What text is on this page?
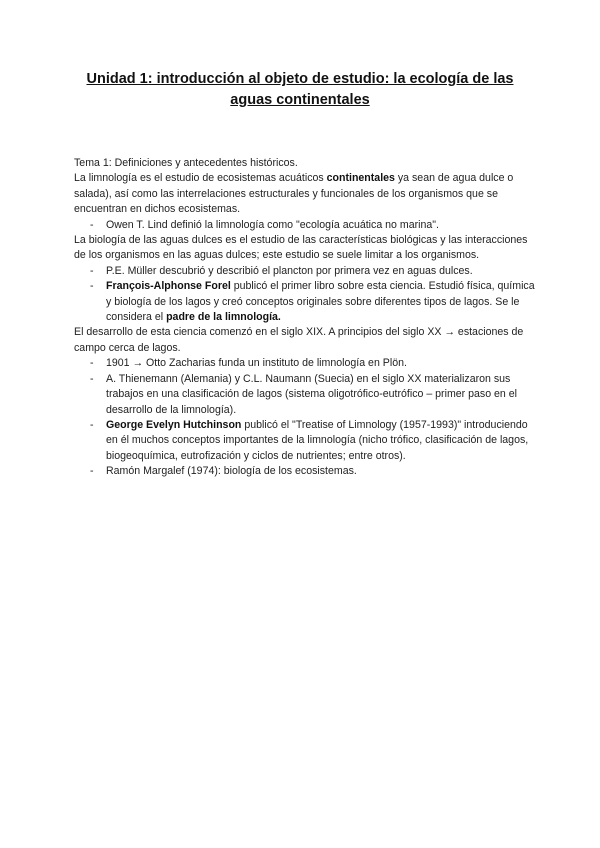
Unidad 1: introducción al objeto de estudio: la ecología de las
aguas continentales

Tema 1: Definiciones y antecedentes históricos.

La limnología es el estudio de ecosistemas acuáticos continentales ya sean de agua dulce o salada), así como las interrelaciones estructurales y funcionales de los organismos que se encuentran en dichos ecosistemas.

- Owen T. Lind definió la limnología como "ecología acuática no marina".

La biología de las aguas dulces es el estudio de las características biológicas y las interacciones de los organismos en las aguas dulces; este estudio se suele limitar a los organismos.

- P.E. Müller descubrió y describió el plancton por primera vez en aguas dulces.
- François-Alphonse Forel publicó el primer libro sobre esta ciencia. Estudió física, química y biología de los lagos y creó conceptos originales sobre diferentes tipos de lagos. Se le considera el padre de la limnología.

El desarrollo de esta ciencia comenzó en el siglo XIX. A principios del siglo XX → estaciones de campo cerca de lagos.

- 1901 → Otto Zacharias funda un instituto de limnología en Plön.
- A. Thienemann (Alemania) y C.L. Naumann (Suecia) en el siglo XX materializaron sus trabajos en una clasificación de lagos (sistema oligotrófico-eutrófico – primer paso en el desarrollo de la limnología).
- George Evelyn Hutchinson publicó el "Treatise of Limnology (1957-1993)" introduciendo en él muchos conceptos importantes de la limnología (nicho trófico, clasificación de lagos, biogeoquímica, eutrofización y ciclos de nutrientes; entre otros).
- Ramón Margalef (1974): biología de los ecosistemas.
